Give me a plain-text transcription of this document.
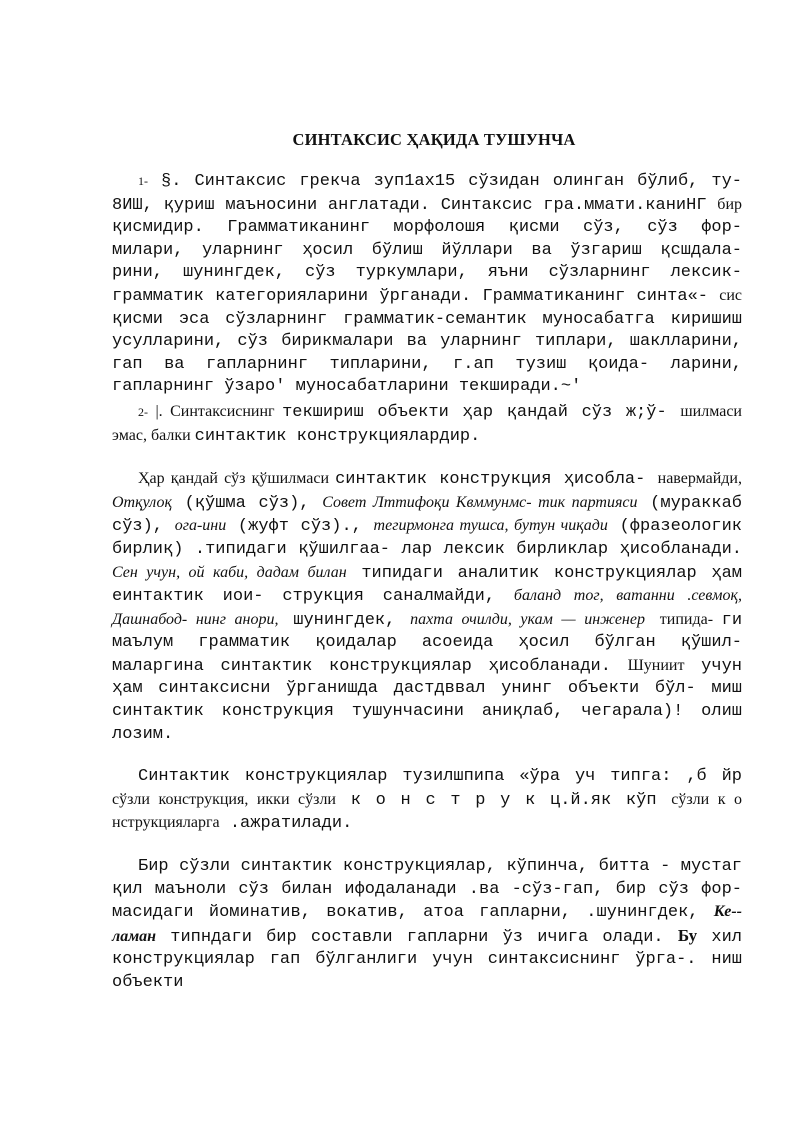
СИНТАКСИС ҲАҚИДА ТУШУНЧА

1- §. Синтаксис грекча зуп1ах15 сўзидан олинган бўлиб, ту- 8ИШ, қуриш маъносини англатади. Синтаксис гра.ммати.каниНГ бир қисмидир. Грамматиканинг морфолошя қисми сўз, сўз фор- милари, уларнинг ҳосил бўлиш йўллари ва ўзгариш қсшдала- рини, шунингдек, сўз туркумлари, яъни сўзларнинг лексик- грамматик категорияларини ўрганади. Грамматиканинг синта«- сис қисми эса сўзларнинг грамматик-семантик муносабатга киришиш усулларини, сўз бирикмалари ва уларнинг типлари, шаклларини, гап ва гапларнинг типларини, г.ап тузиш қоида- ларини, гапларнинг ўзаро' муносабатларини текширади.~'

2- |. Синтаксиснинг текшириш объекти ҳар қандай сўз ж;ў- шилмаси эмас, балки синтактик конструкциялардир.

Ҳар қандай сўз қўшилмаси синтактик конструкция ҳисобла- навермайди, Отқулоқ (қўшма сўз), Совет Лттифоқи Квммунмс- тик партияси (мураккаб сўз), ога-ини (жуфт сўз)., тегирмонга тушса, бутун чиқади (фразеологик бирлиқ) .типидаги қўшилгаа- лар лексик бирликлар ҳисобланади. Сен учун, ой каби, дадам билан типидаги аналитик конструкциялар ҳам еинтактик иои- струкция саналмайди, баланд тог, ватанни .севмоқ, Дашнабод- нинг анори, шунингдек, пахта очилди, укам — инженер типида- ги маълум грамматик қоидалар асоеида ҳосил бўлган қўшил- маларгина синтактик конструкциялар ҳисобланади. Шуниит учун ҳам синтаксисни ўрганишда дастдввал унинг объекти бўл- миш синтактик конструкция тушунчасини аниқлаб, чегарала)! олиш лозим.

Синтактик конструкциялар тузилшпипа «ўра уч типга: ,б йр сўзли конструкция, икки сўзли к о н с т р у к ц.й.як кўп сўзли к о нструкцияларга .ажратилади.

Бир сўзли синтактик конструкциялар, кўпинча, битта - мустаг қил маъноли сўз билан ифодаланади .ва -сўз-гап, бир сўз фор- масидаги йоминатив, вокатив, атоа гапларни, .шунингдек, Ке-- ламан типндаги бир составли гапларни ўз ичига олади. Бу хил конструкциялар гап бўлганлиги учун синтаксиснинг ўрга-. ниш объекти
